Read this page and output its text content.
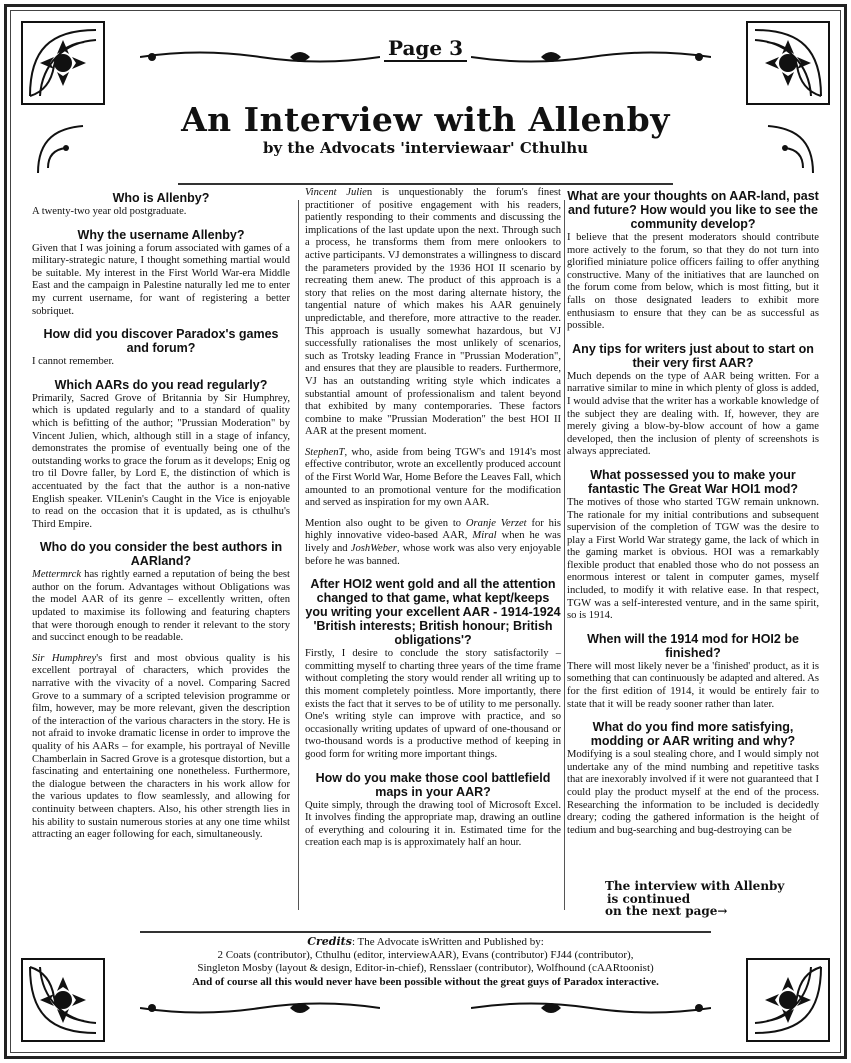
Page 3
An Interview with Allenby
by the Advocats 'interviewaar' Cthulhu
Who is Allenby?

A twenty-two year old postgraduate.

Why the username Allenby?

Given that I was joining a forum associated with games of a military-strategic nature, I thought something martial would be suitable. My interest in the First World War-era Middle East and the campaign in Palestine naturally led me to enter my current username, for want of registering a better sobriquet.

How did you discover Paradox's games and forum?

I cannot remember.

Which AARs do you read regularly?

Primarily, Sacred Grove of Britannia by Sir Humphrey, which is updated regularly and to a standard of quality which is befitting of the author; "Prussian Moderation" by Vincent Julien, which, although still in a stage of infancy, demonstrates the promise of eventually being one of the outstanding works to grace the forum as it develops; Enig og tro til Dovre faller, by Lord E, the distinction of which is accentuated by the fact that the author is a non-native English speaker. VILenin's Caught in the Vice is enjoyable to read on the occasion that it is updated, as is cthulhu's Third Empire.

Who do you consider the best authors in AARland?

Mettermrck has rightly earned a reputation of being the best author on the forum. Advantages without Obligations was the model AAR of its genre – excellently written, often updated to maximise its following and featuring chapters that were thorough enough to render it relevant to the story and succinct enough to be readable.

Sir Humphrey's first and most obvious quality is his excellent portrayal of characters, which provides the narrative with the vivacity of a novel. Comparing Sacred Grove to a summary of a scripted television programme or film, however, may be more relevant, given the description of the interaction of the various characters in the story. He is not afraid to invoke dramatic license in order to improve the quality of his AARs – for example, his portrayal of Neville Chamberlain in Sacred Grove is a grotesque distortion, but a fascinating and entertaining one nonetheless. Furthermore, the dialogue between the characters in his work allow for the various updates to flow seamlessly, and allowing for continuity between chapters. Also, his other strength lies in his ability to sustain numerous stories at any one time whilst attracting an eager following for each, simultaneously.

Vincent Julien is unquestionably the forum's finest practitioner of positive engagement with his readers, patiently responding to their comments and discussing the implications of the last update upon the next. Through such a process, he transforms them from mere onlookers to active participants. VJ demonstrates a willingness to discard the parameters provided by the 1936 HOI II scenario by recreating them anew. The product of this approach is a story that relies on the most daring alternate history, the tangential nature of which makes his AAR genuinely unpredictable, and therefore, more attractive to the reader. This approach is usually somewhat hazardous, but VJ successfully rationalises the most unlikely of scenarios, such as Trotsky leading France in "Prussian Moderation", and ensures that they are plausible to readers. Furthermore, VJ has an outstanding writing style which indicates a substantial amount of professionalism and talent beyond that exhibited by many contemporaries. These factors combine to make "Prussian Moderation" the best HOI II AAR at the present moment.

StephenT, who, aside from being TGW's and 1914's most effective contributor, wrote an excellently produced account of the First World War, Home Before the Leaves Fall, which amounted to an promotional venture for the modification and served as inspiration for my own AAR.

Mention also ought to be given to Oranje Verzet for his highly innovative video-based AAR, Miral when he was lively and JoshWeber, whose work was also very enjoyable before he was banned.

After HOI2 went gold and all the attention changed to that game, what kept/keeps you writing your excellent AAR - 1914-1924 'British interests; British honour; British obligations'?

Firstly, I desire to conclude the story satisfactorily – committing myself to charting three years of the time frame without completing the story would render all writing up to this moment completely pointless. More importantly, there exists the fact that it serves to be of utility to me personally. One's writing style can improve with practice, and so occasionally writing updates of upward of one-thousand or two-thousand words is a productive method of keeping in good form for writing more important things.

How do you make those cool battlefield maps in your AAR?

Quite simply, through the drawing tool of Microsoft Excel. It involves finding the appropriate map, drawing an outline of everything and colouring it in. Estimated time for the creation each map is is approximately half an hour.

What are your thoughts on AAR-land, past and future? How would you like to see the community develop?

I believe that the present moderators should contribute more actively to the forum, so that they do not turn into glorified miniature police officers failing to offer anything constructive. Many of the initiatives that are launched on the forum come from below, which is most fitting, but it falls on those designated leaders to exhibit more enthusiasm to ensure that they can be as successful as possible.

Any tips for writers just about to start on their very first AAR?

Much depends on the type of AAR being written. For a narrative similar to mine in which plenty of gloss is added, I would advise that the writer has a workable knowledge of the subject they are dealing with. If, however, they are merely giving a blow-by-blow account of how a game developed, then the inclusion of plenty of screenshots is always appreciated.

What possessed you to make your fantastic The Great War HOI1 mod?

The motives of those who started TGW remain unknown. The rationale for my initial contributions and subsequent supervision of the completion of TGW was the desire to play a First World War strategy game, the lack of which in the gaming market is obvious. HOI was a remarkably flexible product that enabled those who do not possess an enormous interest or talent in computer games, myself included, to modify it with relative ease. In that respect, TGW was a self-interested venture, and in the same spirit, so is 1914.

When will the 1914 mod for HOI2 be finished?

There will most likely never be a 'finished' product, as it is something that can continuously be adapted and altered. As for the first edition of 1914, it would be entirely fair to state that it will be ready sooner rather than later.

What do you find more satisfying, modding or AAR writing and why?

Modifying is a soul stealing chore, and I would simply not undertake any of the mind numbing and repetitive tasks that are inexorably involved if it were not guaranteed that I could play the product myself at the end of the process. Researching the information to be included is decidedly dreary; coding the gathered information is the height of tedium and bug-searching and bug-destroying can be

The interview with Allenby
is continued
on the next page→
Credits: The Advocate isWritten and Published by:
2 Coats (contributor), Cthulhu (editor, interviewAAR), Evans (contributor) FJ44 (contributor),
Singleton Mosby (layout & design, Editor-in-chief), Rensslaer (contributor), Wolfhound (cAARtoonist)
And of course all this would never have been possible without the great guys of Paradox interactive.
